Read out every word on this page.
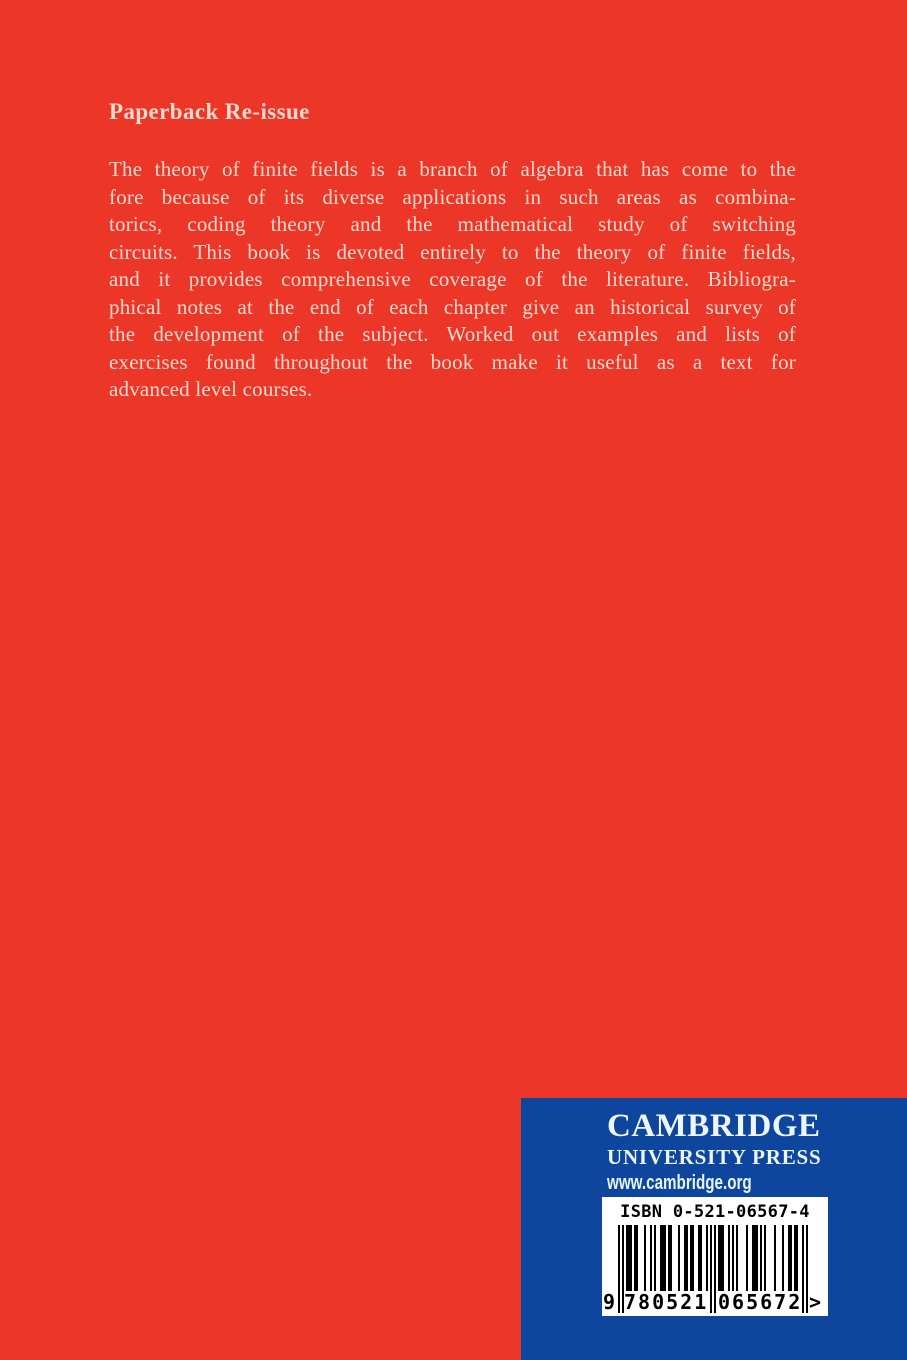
Paperback Re-issue
The theory of finite fields is a branch of algebra that has come to the
fore because of its diverse applications in such areas as combina-
torics, coding theory and the mathematical study of switching
circuits. This book is devoted entirely to the theory of finite fields,
and it provides comprehensive coverage of the literature. Bibliogra-
phical notes at the end of each chapter give an historical survey of
the development of the subject. Worked out examples and lists of
exercises found throughout the book make it useful as a text for
advanced level courses.
CAMBRIDGE
UNIVERSITY PRESS
www.cambridge.org
ISBN 0-521-06567-4
9 780521 065672 >
